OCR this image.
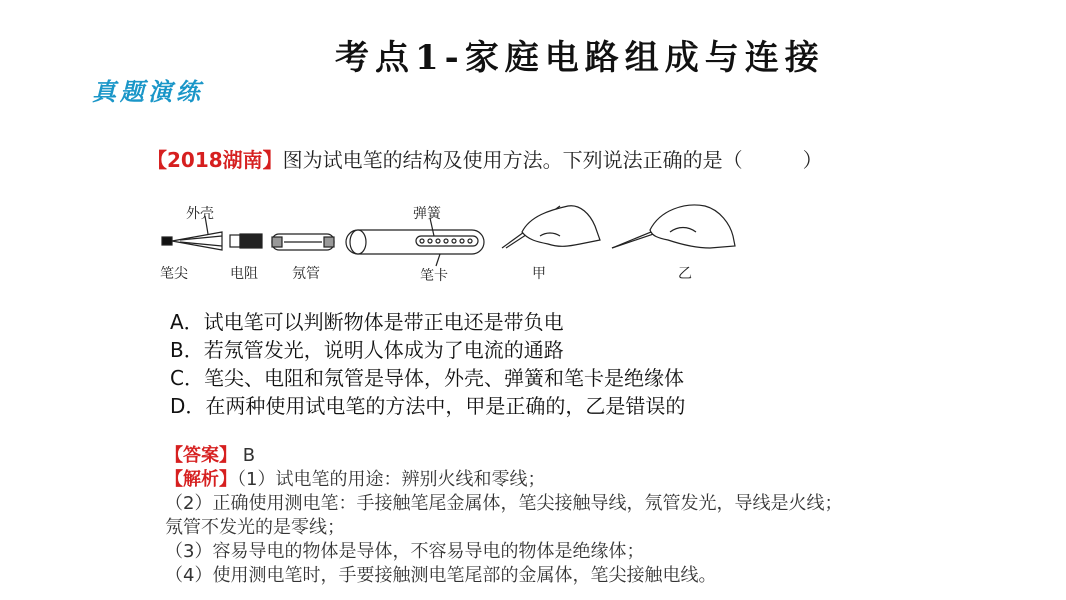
考点1-家庭电路组成与连接
真题演练
【2018湖南】图为试电笔的结构及使用方法。下列说法正确的是（　　　）
外壳	弹簧
笔尖	电阻 氖管	笔卡	甲	乙
A．试电笔可以判断物体是带正电还是带负电
B．若氖管发光，说明人体成为了电流的通路
C．笔尖、电阻和氖管是导体，外壳、弹簧和笔卡是绝缘体
D．在两种使用试电笔的方法中，甲是正确的，乙是错误的
【答案】 B
【解析】（1）试电笔的用途：辨别火线和零线；
（2）正确使用测电笔：手接触笔尾金属体，笔尖接触导线，氖管发光，导线是火线；
氖管不发光的是零线；
（3）容易导电的物体是导体，不容易导电的物体是绝缘体；
（4）使用测电笔时，手要接触测电笔尾部的金属体，笔尖接触电线。
